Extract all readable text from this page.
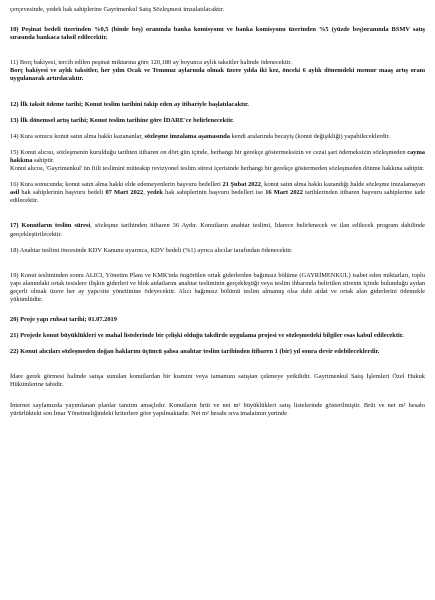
çerçevesinde, yedek hak sahiplerine Gayrimenkul Satış Sözleşmesi imzalatılacaktır.

10) Peşinat bedeli üzerinden %0,5 (binde beş) oranında banka komisyonu ve banka komisyonu üzerinden %5 (yüzde beş)oranında BSMV satış sırasında bankaca tahsil edilecektir.

11) Borç bakiyesi, tercih edilen peşinat miktarına göre 120,180 ay boyunca aylık taksitler halinde ödenecektir.
Borç bakiyesi ve aylık taksitler, her yılın Ocak ve Temmuz aylarında olmak üzere yılda iki kez, önceki 6 aylık dönemdeki memur maaş artış oranı uygulanarak artırılacaktır.

12) İlk taksit ödeme tarihi; Konut teslim tarihini takip eden ay itibariyle başlatılacaktır.

13) İlk dönemsel artış tarihi; Konut teslim tarihine göre İDARE'ce belirlenecektir.

14) Kura sonucu konut satın alma hakkı kazananlar, sözleşme imzalama aşamasında kendi aralarında becayiş (konut değişikliği) yapabileceklerdir.

15) Konut alıcısı, sözleşmenin kurulduğu tarihten itibaren on dört gün içinde, herhangi bir gerekçe göstermeksizin ve cezai şart ödemeksizin sözleşmeden cayma hakkına sahiptir.
Konut alıcısı, 'Gayrimenkul' ün fiili teslimini müteakip revizyonel teslim süresi içerisinde herhangi bir gerekçe göstermeden sözleşmeden dönme hakkına sahiptir.

16) Kura sonucunda; konut satın alma hakkı elde edemeyenlerin başvuru bedelleri 21 Şubat 2022, konut satın alma hakkı kazandığı halde sözleşme imzalamayan asil hak sahiplerinin başvuru bedeli 07 Mart 2022, yedek hak sahiplerinin başvuru bedelleri ise 16 Mart 2022 tarihlerinden itibaren başvuru sahiplerine iade edilecektir.

17) Konutların teslim süresi, sözleşme tarihinden itibaren 36 Aydır. Konutların anahtar teslimi, İdarece belirlenecek ve ilan edilecek program dahilinde gerçekleştirilecektir.

18) Anahtar teslimi öncesinde KDV Kanunu uyarınca, KDV bedeli (%1) ayrıca alıcılar tarafından ödenecektir.

19) Konut tesliminden sonra ALICI, Yönetim Planı ve KMK'nda öngörülen ortak giderlerden bağımsız bölüme (GAYRİMENKUL) isabet eden miktarları, toplu yapı alanındaki ortak tesislere ilişkin giderleri ve blok aidatlarını anahtar tesliminin gerçekleştiği veya teslim ihbarında belirtilen sürenin içinde bulunduğu aydan geçerli olmak üzere her ay yapı/site yönetimine ödeyecektir. Alıcı bağımsız bölümü teslim almamış olsa dahi aidat ve ortak alan giderlerini ödemekle yükümlüdür.

20) Proje yapı ruhsat tarihi; 01.07.2019

21) Projede konut büyüklükleri ve mahal listelerinde bir çelişki olduğu takdirde uygulama projesi ve sözleşmedeki bilgiler esas kabul edilecektir.

22) Konut alıcıları sözleşmeden doğan haklarını üçüncü şahsa anahtar teslim tarihinden itibaren 1 (bir) yıl sonra devir edebileceklerdir.

İdare gerek görmesi halinde satışa sunulan konutlardan bir kısmını veya tamamını satıştan çekmeye yetkilidir. Gayrimenkul Satış İşlemleri Özel Hukuk Hükümlerine tabidir.

İnternet sayfamızda yayımlanan planlar tanıtım amaçlıdır. Konutların brüt ve net m² büyüklükleri satış listelerinde gösterilmiştir. Brüt ve net m² hesabı yürürlükteki son İmar Yönetmeliğindeki kriterlere göre yapılmaktadır. Net m² hesabı sıva imalatının yerinde
